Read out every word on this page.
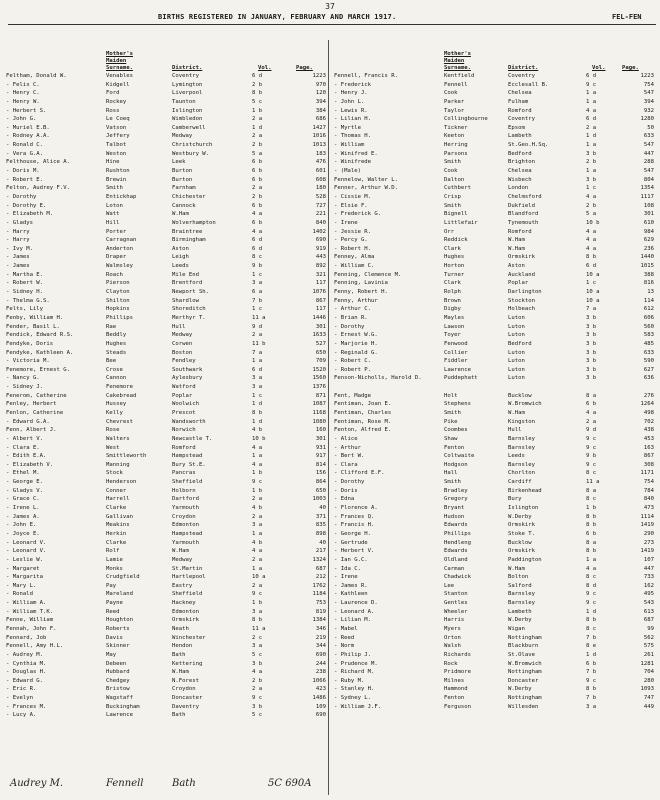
37
BIRTHS REGISTERED IN JANUARY, FEBRUARY AND MARCH 1917.	FEL-FEN
Mother's
Maiden
Surname.	District.	Vol.	Page.
Feltham, Donald W.	Venables	Coventry	6 d	1223
- Felix C.	Kidgell	Lymington	2 b	970
- Henry C.	Ford	Liverpool	8 b	120
- Henry W.	Rockey	Taunton	5 c	394
- Herbert S.	Ross	Islington	1 b	384
- John G.	Le Coeq	Wimbledon	2 a	686
- Muriel E.B.	Vatson	Camberwell	1 d	1427
- Rodney A.A.	Jeffery	Medway	2 a	1016
- Ronald C.	Talbot	Christchurch	2 b	1013
- Vera G.A.	Weston	Westbury W.	5 a	183
Felthouse, Alice A.	Hine	Leek	6 b	476
- Doris M.	Rushton	Burton	6 b	601
- Robert E.	Brewin	Burton	6 b	608
Felton, Audrey F.V.	Smith	Farnham	2 a	180
- Dorothy	Entickhap	Chichester	2 b	528
- Dorothy E.	Loton	Cannock	6 b	727
- Elizabeth M.	Watt	W.Ham	4 a	221
- Gladys	Hill	Wolverhampton	6 b	840
- Harry	Porter	Braintree	4 a	1402
- Harry	Carragnan	Birmingham	6 d	690
- Ivy M.	Anderton	Aston	6 d	919
- James	Draper	Leigh	8 c	443
- James	Walmsley	Leeds	9 b	892
- Martha E.	Roach	Mile End	1 c	321
- Robert W.	Pierson	Brentford	3 a	117
- Sidney H.	Clayton	Newport Sh.	6 a	1076
- Thelma G.S.	Shilton	Shardlow	7 b	867
Felts, Lily	Hopkins	Shoreditch	1 c	117
Fenby, William H.	Phillips	Merthyr T.	11 a	1446
Fender, Basil L.	Rae	Hull	9 d	301
Fendick, Edward R.S.	Beddly	Medway	2 a	1633
Fendyke, Doris	Hughes	Corwen	11 b	527
Fendyke, Kathleen A.	Steads	Boston	7 a	650
- Victoria M.	Bee	Fendley	1 a	709
Fenemore, Ernest G.	Crose	Southwark	6 d	1520
- Nancy G.	Cannon	Aylesbury	3 a	1560
- Sidney J.	Fenemore	Watford	3 a	1376
Fenerom, Catherine	Cakebread	Poplar	1 c	871
Fenley, Herbert	Hussey	Woolwich	1 d	1087
Fenlon, Catherine	Kelly	Prescot	8 b	1168
- Edward G.A.	Chevrest	Wandsworth	1 d	1080
Fenn, Albert J.	Rose	Norwich	4 b	160
- Albert V.	Walters	Newcastle T.	10 b	301
- Clara E.	West	Romford	4 a	931
- Edith E.A.	Smittleworth	Hampstead	1 a	917
- Elizabeth V.	Manning	Bury St.E.	4 a	814
- Ethel M.	Stock	Pancras	1 b	156
- George E.	Henderson	Sheffield	9 c	864
- Gladys V.	Conner	Holborn	1 b	650
- Grace C.	Harrell	Dartford	2 a	1003
- Irene L.	Clarke	Yarmouth	4 b	40
- James A.	Gallivan	Croydon	2 a	371
- John E.	Meakins	Edmonton	3 a	835
- Joyce E.	Herkin	Hampstead	1 a	898
- Leonard V.	Clarke	Yarmouth	4 b	40
- Leonard V.	Rolf	W.Ham	4 a	217
- Leslie W.	Lamie	Medway	2 a	1324
- Margaret	Monks	St.Martin	1 a	687
- Margarita	Crudgfield	Hartlepool	10 a	212
- Mary L.	Pay	Eastry	2 a	1762
- Ronald	Mareland	Sheffield	9 c	1184
- William A.	Payne	Hackney	1 b	753
- William T.K.	Reed	Edmonton	3 a	819
Fenne, William	Houghton	Ormskirk	8 b	1384
Fennah, John F.	Roberts	Neath	11 a	346
Fennard, Job	Davis	Winchester	2 c	219
Fennell, Amy H.L.	Skinner	Hendon	3 a	344
- Audrey M.	May	Bath	5 c	690
- Cynthia M.	Debeen	Kettering	3 b	244
- Douglas H.	Hubbard	W.Ham	4 a	238
- Edward G.	Chedgey	N.Forest	2 b	1066
- Eric R.	Bristow	Croydon	2 a	423
- Evelyn	Wagstaff	Doncaster	9 c	1486
- Frances M.	Buckingham	Daventry	3 b	109
- Lucy A.	Lawrence	Bath	5 c	690
Mother's
Maiden
Surname.	District.	Vol.	Page.
Fennell, Francis R.	Kentfield	Coventry	6 d	1223
- Frederick	Fennell	Ecclesall B.	9 c	754
- Henry J.	Cook	Chelsea	1 a	547
- John L.	Parker	Fulham	1 a	394
- Lewis R.	Taylor	Romford	4 a	932
- Lilian H.	Collingbourne	Coventry	6 d	1280
- Myrtle	Tickner	Epsom	2 a	50
- Thomas H.	Keeton	Lambeth	1 d	633
- William	Herring	St.Geo.H.Sq.	1 a	547
- Winifred E.	Parsons	Bedford	3 b	447
- Winifrede	Smith	Brighton	2 b	288
- (Male)	Cook	Chelsea	1 a	547
Fennelow, Walter L.	Dalton	Wisbech	3 b	804
Fenner, Arthur W.D.	Cuthbert	London	1 c	1354
- Cissie M.	Crisp	Chelmsford	4 a	1117
- Elsie F.	Smith	Dukfield	2 b	108
- Frederick G.	Bignell	Blandford	5 a	301
- Irene	Littlefair	Tynemouth	10 b	610
- Jessie R.	Orr	Romford	4 a	984
- Percy G.	Reddick	W.Ham	4 a	629
- Robert H.	Clark	W.Ham	4 a	236
Fenney, Alma	Hughes	Ormskirk	8 b	1440
- William C.	Horton	Aston	6 d	1015
Fenning, Clemence M.	Turner	Auckland	10 a	388
Fenning, Lavinia	Clark	Poplar	1 c	816
Fenny, Robert H.	Rolph	Darlington	10 a	13
Fenny, Arthur	Brown	Stockton	10 a	114
- Arthur C.	Digby	Holbeach	7 a	612
- Brian R.	Mayles	Luton	3 b	606
- Dorothy	Lawson	Luton	3 b	560
- Ernest W.G.	Toyer	Luton	3 b	583
- Marjorie H.	Fenwood	Bedford	3 b	485
- Reginald G.	Collier	Luton	3 b	633
- Robert C.	Fiddler	Luton	3 b	590
- Robert P.	Lawrence	Luton	3 b	627
Fenson-Nicholls, Harold D.	Puddephatt	Luton	3 b	636
Fent, Madge	Holt	Bucklow	8 a	276
Fentiman, Joan E.	Stephens	W.Bromwich	6 b	1264
Fentiman, Charles	Smith	W.Ham	4 a	498
Fentiman, Rose M.	Pike	Kingston	2 a	702
Fenton, Alfred E.	Coombes	Hull	9 d	438
- Alice	Shaw	Barnsley	9 c	453
- Arthur	Fenton	Barnsley	9 c	163
- Bert W.	Coltwaite	Leeds	9 b	867
- Clara	Hodgson	Barnsley	9 c	308
- Clifford E.F.	Hall	Chorlton	8 c	1171
- Dorothy	Smith	Cardiff	11 a	754
- Doris	Bradley	Birkenhead	8 a	784
- Edna	Gregory	Bury	8 c	840
- Florence A.	Bryant	Islington	1 b	473
- Frances Q.	Hudson	W.Derby	8 b	1114
- Francis H.	Edwards	Ormskirk	8 b	1419
- George H.	Phillips	Stoke T.	6 b	290
- Gertrude	Hendleng	Bucklow	8 a	273
- Herbert V.	Edwards	Ormskirk	8 b	1419
- Ian G.C.	Oldland	Paddington	1 a	107
- Ida C.	Carman	W.Ham	4 a	447
- Irene	Chadwick	Bolton	8 c	733
- James R.	Lee	Salford	8 d	162
- Kathleen	Stanton	Barnsley	9 c	495
- Laurence D.	Gentles	Barnsley	9 c	543
- Leonard A.	Wheeler	Lambeth	1 d	613
- Lilian M.	Harris	W.Derby	8 b	687
- Mabel	Myers	Wigan	8 c	99
- Reed	Orton	Nottingham	7 b	562
- Norm	Walsh	Blackburn	8 e	575
- Philip J.	Richards	St.Olave	1 d	261
- Prudence M.	Rock	W.Bromwich	6 b	1281
- Richard M.	Pridmore	Nottingham	7 b	704
- Ruby M.	Milnes	Doncaster	9 c	280
- Stanley H.	Hammond	W.Derby	8 b	1093
- Sydney L.	Fenton	Nottingham	7 b	747
- William J.F.	Ferguson	Willesden	3 a	449
Audrey M.	Fennell	Bath	5C 690A
